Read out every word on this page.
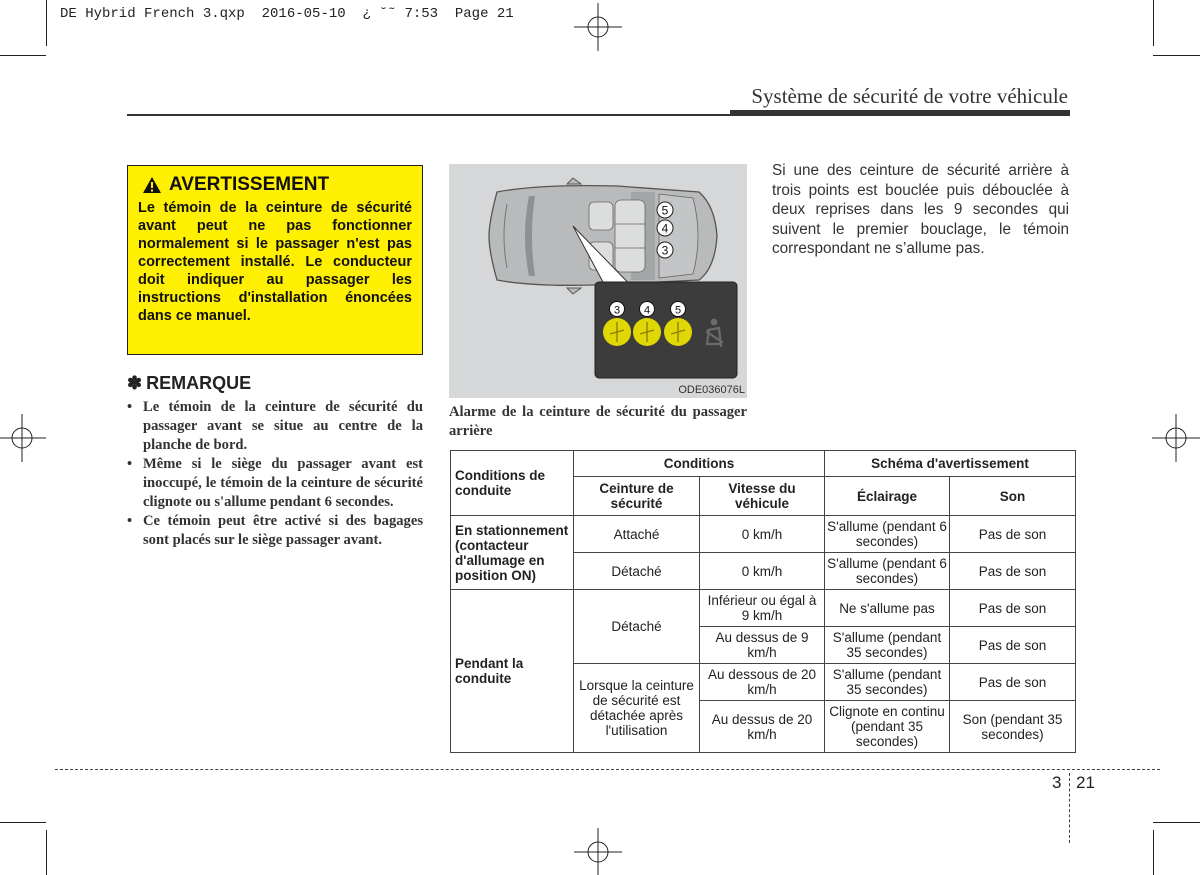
DE Hybrid French 3.qxp  2016-05-10  ¿ ˘˜ 7:53  Page 21
Système de sécurité de votre véhicule
AVERTISSEMENT
Le témoin de la ceinture de sécurité avant peut ne pas fonctionner normalement si le passager n'est pas correctement installé. Le conducteur doit indiquer au passager les instructions d'installation énoncées dans ce manuel.
✽ REMARQUE
• Le témoin de la ceinture de sécurité du passager avant se situe au centre de la planche de bord.
• Même si le siège du passager avant est inoccupé, le témoin de la ceinture de sécurité clignote ou s'allume pendant 6 secondes.
• Ce témoin peut être activé si des bagages sont placés sur le siège passager avant.
5
4
3
3 4 5
ODE036076L
Alarme de la ceinture de sécurité du passager arrière
Si une des ceinture de sécurité arrière à trois points est bouclée puis débouclée à deux reprises dans les 9 secondes qui suivent le premier bouclage, le témoin correspondant ne s’allume pas.
Conditions de conduite	Conditions		Schéma d'avertissement	
	Ceinture de sécurité	Vitesse du véhicule	Éclairage	Son
En stationnement (contacteur d'allumage en position ON)	Attaché	0 km/h	S'allume (pendant 6 secondes)	Pas de son
	Détaché	0 km/h	S'allume (pendant 6 secondes)	Pas de son
Pendant la conduite	Détaché	Inférieur ou égal à 9 km/h	Ne s'allume pas	Pas de son
		Au dessus de 9 km/h	S'allume (pendant 35 secondes)	Pas de son
	Lorsque la ceinture de sécurité est détachée après l'utilisation	Au dessous de 20 km/h	S'allume (pendant 35 secondes)	Pas de son
		Au dessus de 20 km/h	Clignote en continu (pendant 35 secondes)	Son (pendant 35 secondes)
3 21
